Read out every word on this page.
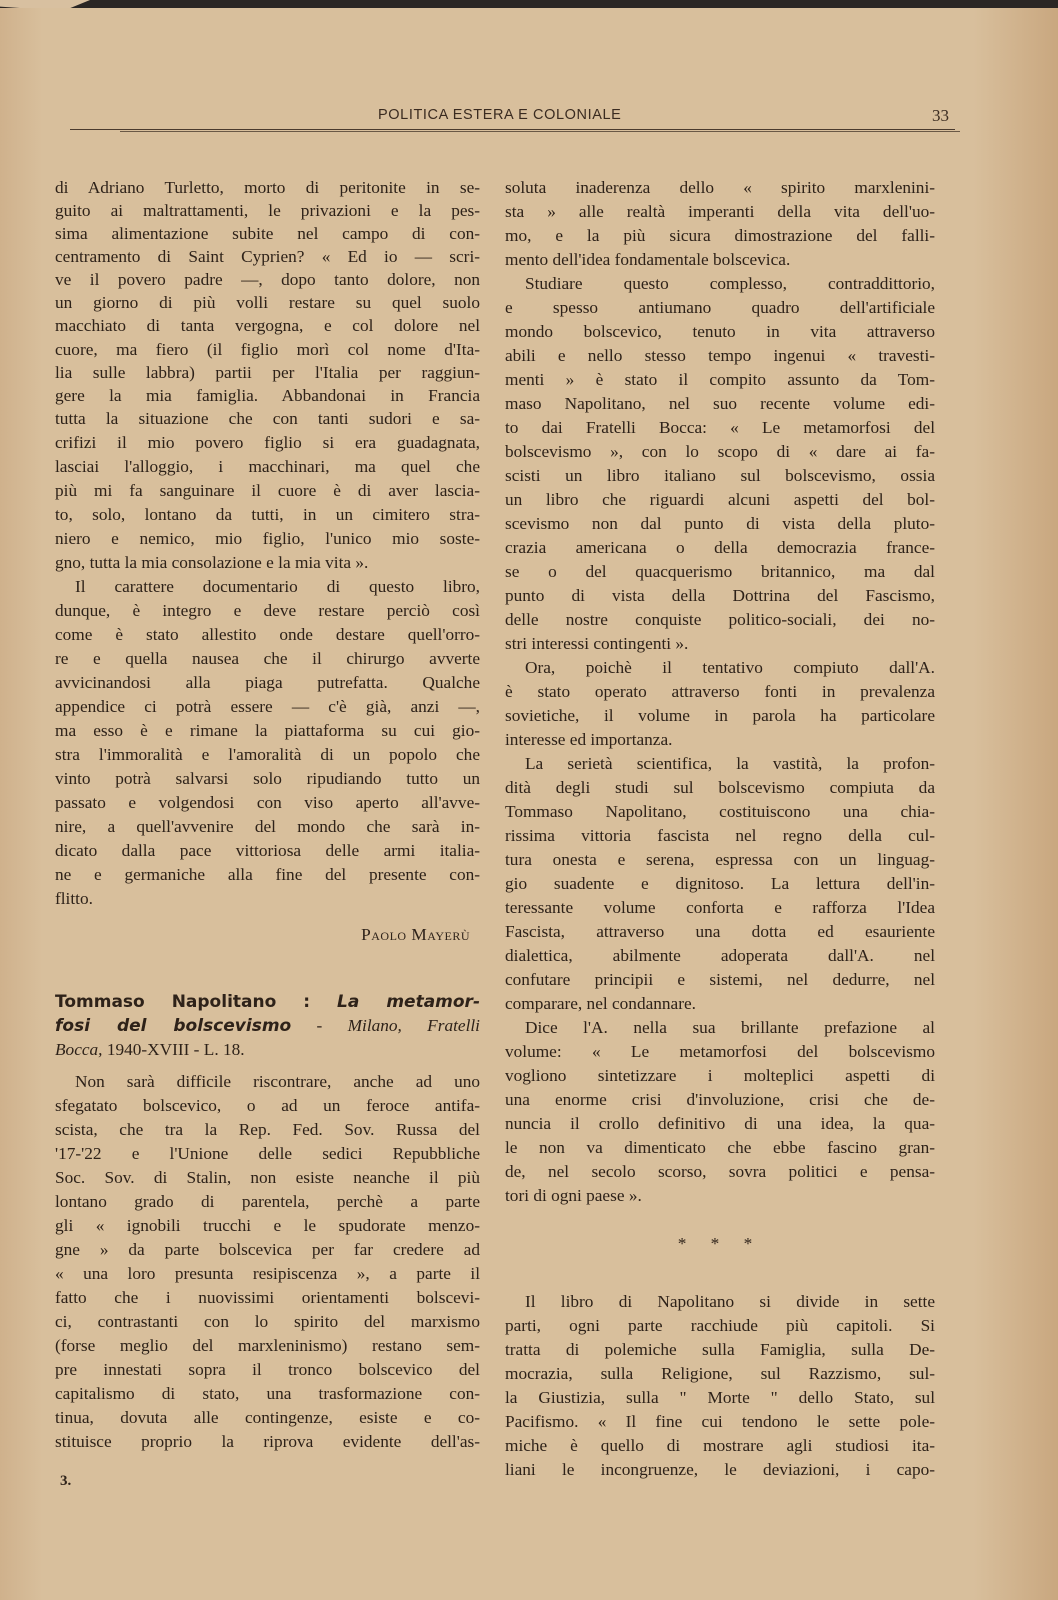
POLITICA ESTERA E COLONIALE	33
di Adriano Turletto, morto di peritonite in se-
guito ai maltrattamenti, le privazioni e la pes-
sima alimentazione subite nel campo di con-
centramento di Saint Cyprien? « Ed io — scri-
ve il povero padre —, dopo tanto dolore, non
un giorno di più volli restare su quel suolo
macchiato di tanta vergogna, e col dolore nel
cuore, ma fiero (il figlio morì col nome d'Ita-
lia sulle labbra) partii per l'Italia per raggiun-
gere la mia famiglia. Abbandonai in Francia
tutta la situazione che con tanti sudori e sa-
crifizi il mio povero figlio si era guadagnata,
lasciai l'alloggio, i macchinari, ma quel che
più mi fa sanguinare il cuore è di aver lascia-
to, solo, lontano da tutti, in un cimitero stra-
niero e nemico, mio figlio, l'unico mio soste-
gno, tutta la mia consolazione e la mia vita ».
Il carattere documentario di questo libro,
dunque, è integro e deve restare perciò così
come è stato allestito onde destare quell'orro-
re e quella nausea che il chirurgo avverte
avvicinandosi alla piaga putrefatta. Qualche
appendice ci potrà essere — c'è già, anzi —,
ma esso è e rimane la piattaforma su cui gio-
stra l'immoralità e l'amoralità di un popolo che
vinto potrà salvarsi solo ripudiando tutto un
passato e volgendosi con viso aperto all'avve-
nire, a quell'avvenire del mondo che sarà in-
dicato dalla pace vittoriosa delle armi italia-
ne e germaniche alla fine del presente con-
flitto.
Paolo Mayerù
Tommaso Napolitano : La metamor-
fosi del bolscevismo - Milano, Fratelli
Bocca, 1940-XVIII - L. 18.
Non sarà difficile riscontrare, anche ad uno
sfegatato bolscevico, o ad un feroce antifa-
scista, che tra la Rep. Fed. Sov. Russa del
'17-'22 e l'Unione delle sedici Repubbliche
Soc. Sov. di Stalin, non esiste neanche il più
lontano grado di parentela, perchè a parte
gli « ignobili trucchi e le spudorate menzo-
gne » da parte bolscevica per far credere ad
« una loro presunta resipiscenza », a parte il
fatto che i nuovissimi orientamenti bolscevi-
ci, contrastanti con lo spirito del marxismo
(forse meglio del marxleninismo) restano sem-
pre innestati sopra il tronco bolscevico del
capitalismo di stato, una trasformazione con-
tinua, dovuta alle contingenze, esiste e co-
stituisce proprio la riprova evidente dell'as-
soluta inaderenza dello « spirito marxlenini-
sta » alle realtà imperanti della vita dell'uo-
mo, e la più sicura dimostrazione del falli-
mento dell'idea fondamentale bolscevica.
Studiare questo complesso, contraddittorio,
e spesso antiumano quadro dell'artificiale
mondo bolscevico, tenuto in vita attraverso
abili e nello stesso tempo ingenui « travesti-
menti » è stato il compito assunto da Tom-
maso Napolitano, nel suo recente volume edi-
to dai Fratelli Bocca: « Le metamorfosi del
bolscevismo », con lo scopo di « dare ai fa-
scisti un libro italiano sul bolscevismo, ossia
un libro che riguardi alcuni aspetti del bol-
scevismo non dal punto di vista della pluto-
crazia americana o della democrazia france-
se o del quacquerismo britannico, ma dal
punto di vista della Dottrina del Fascismo,
delle nostre conquiste politico-sociali, dei no-
stri interessi contingenti ».
Ora, poichè il tentativo compiuto dall'A.
è stato operato attraverso fonti in prevalenza
sovietiche, il volume in parola ha particolare
interesse ed importanza.
La serietà scientifica, la vastità, la profon-
dità degli studi sul bolscevismo compiuta da
Tommaso Napolitano, costituiscono una chia-
rissima vittoria fascista nel regno della cul-
tura onesta e serena, espressa con un linguag-
gio suadente e dignitoso. La lettura dell'in-
teressante volume conforta e rafforza l'Idea
Fascista, attraverso una dotta ed esauriente
dialettica, abilmente adoperata dall'A. nel
confutare principii e sistemi, nel dedurre, nel
comparare, nel condannare.
Dice l'A. nella sua brillante prefazione al
volume: « Le metamorfosi del bolscevismo
vogliono sintetizzare i molteplici aspetti di
una enorme crisi d'involuzione, crisi che de-
nuncia il crollo definitivo di una idea, la qua-
le non va dimenticato che ebbe fascino gran-
de, nel secolo scorso, sovra politici e pensa-
tori di ogni paese ».
* * *
Il libro di Napolitano si divide in sette
parti, ogni parte racchiude più capitoli. Si
tratta di polemiche sulla Famiglia, sulla De-
mocrazia, sulla Religione, sul Razzismo, sul-
la Giustizia, sulla " Morte " dello Stato, sul
Pacifismo. « Il fine cui tendono le sette pole-
miche è quello di mostrare agli studiosi ita-
liani le incongruenze, le deviazioni, i capo-
3.
